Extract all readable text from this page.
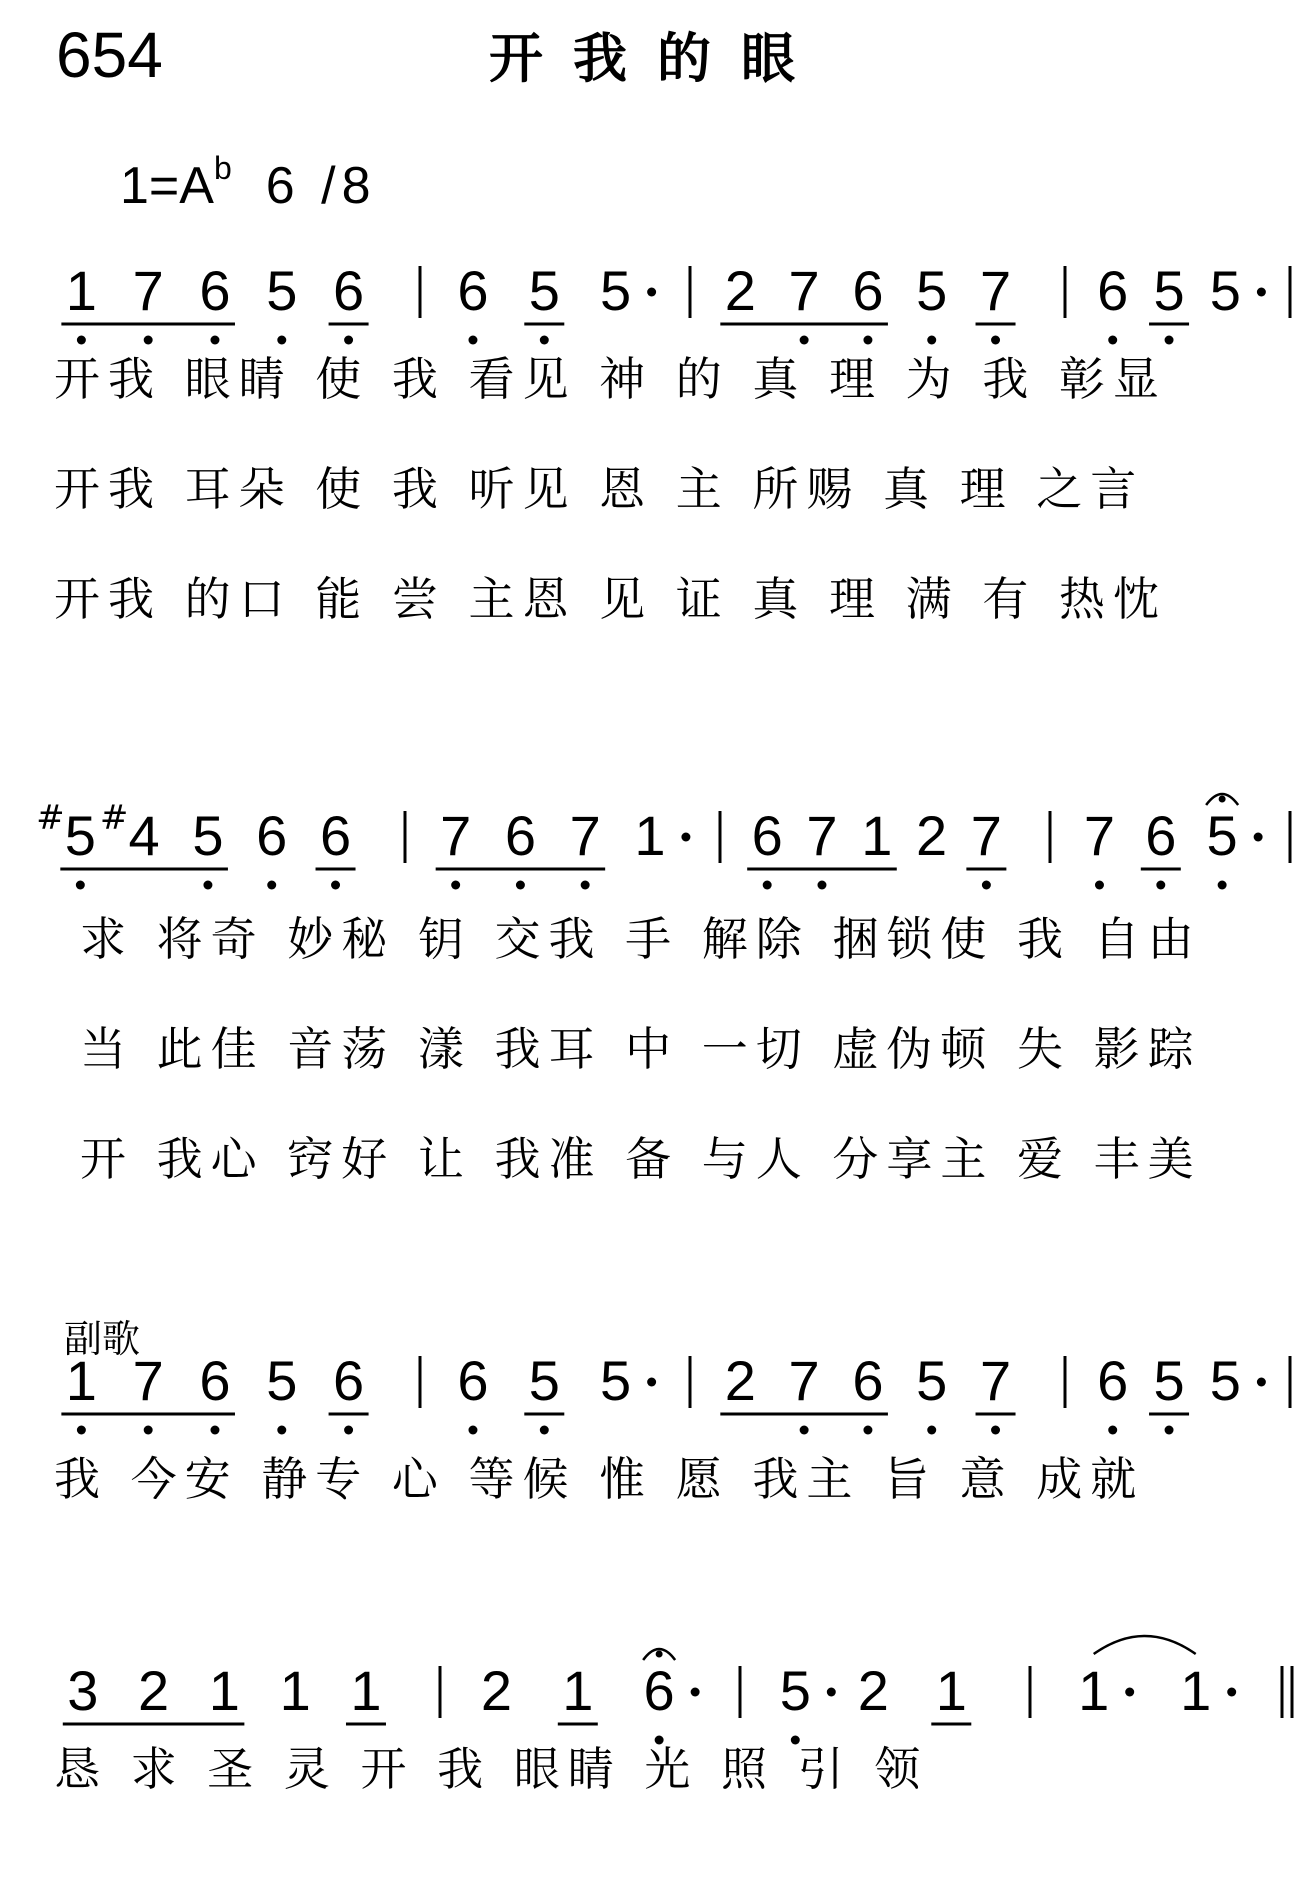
654	开我的眼
$1=A^b$ 6 /8
副歌
1 7 6 5 6 6 5 5 2 7 6 5 7 6 5 5
5
# 4
# 5 6 6 7 6 7 1 6 7 1 2 7 7 6 5
1 7 6 5 6 6 5 5 2 7 6 5 7 6 5 5
3 2 1 1 1 2 1 6 5 2 1 1 1
开我 眼睛 使 我 看见 神 的 真 理 为 我 彰显
开我 耳朵 使 我 听见 恩 主 所赐 真 理 之言
开我 的口 能 尝 主恩 见 证 真 理 满 有 热忱
求 将奇 妙秘 钥 交我 手 解除 捆锁使 我 自由
当 此佳 音荡 漾 我耳 中 一切 虚伪顿 失 影踪
开 我心 窍好 让 我准 备 与人 分享主 爱 丰美
我 今安 静专 心 等候 惟 愿 我主 旨 意 成就
恳 求 圣 灵 开 我 眼睛 光 照 引 领
